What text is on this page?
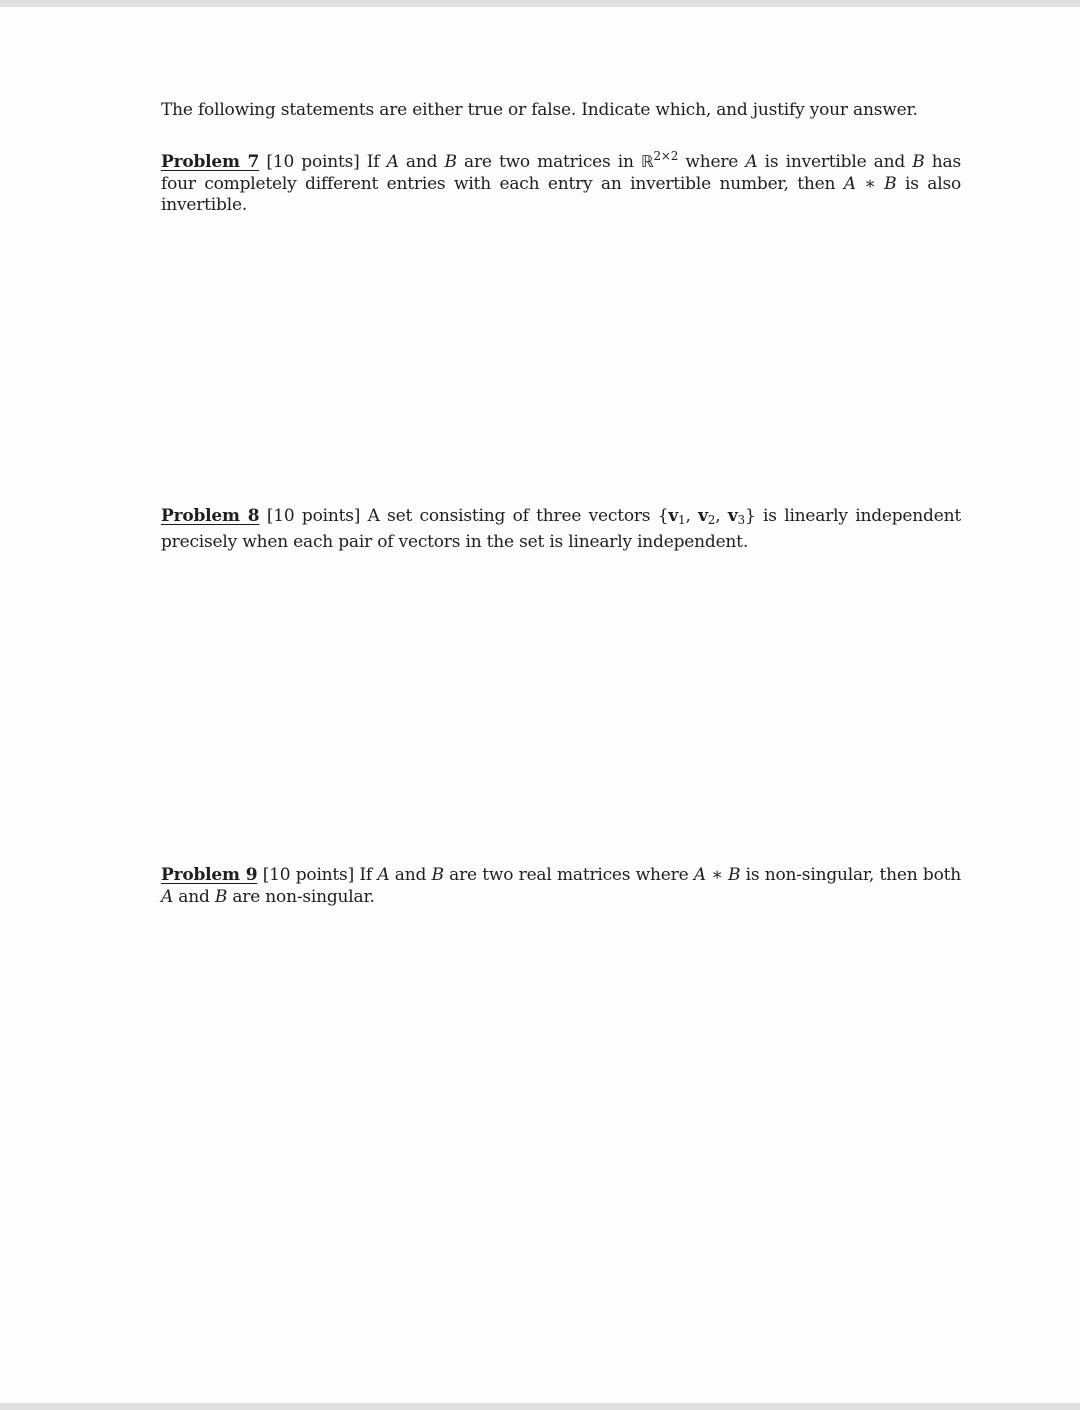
The following statements are either true or false. Indicate which, and justify your answer.

Problem 7 [10 points] If A and B are two matrices in ℝ$^{2\times 2}$ where A is invertible and B has four completely different entries with each entry an invertible number, then A ∗ B is also invertible.

Problem 8 [10 points] A set consisting of three vectors {$v_1$, $v_2$, $v_3$} is linearly independent precisely when each pair of vectors in the set is linearly independent.

Problem 9 [10 points] If A and B are two real matrices where A ∗ B is non-singular, then both A and B are non-singular.
